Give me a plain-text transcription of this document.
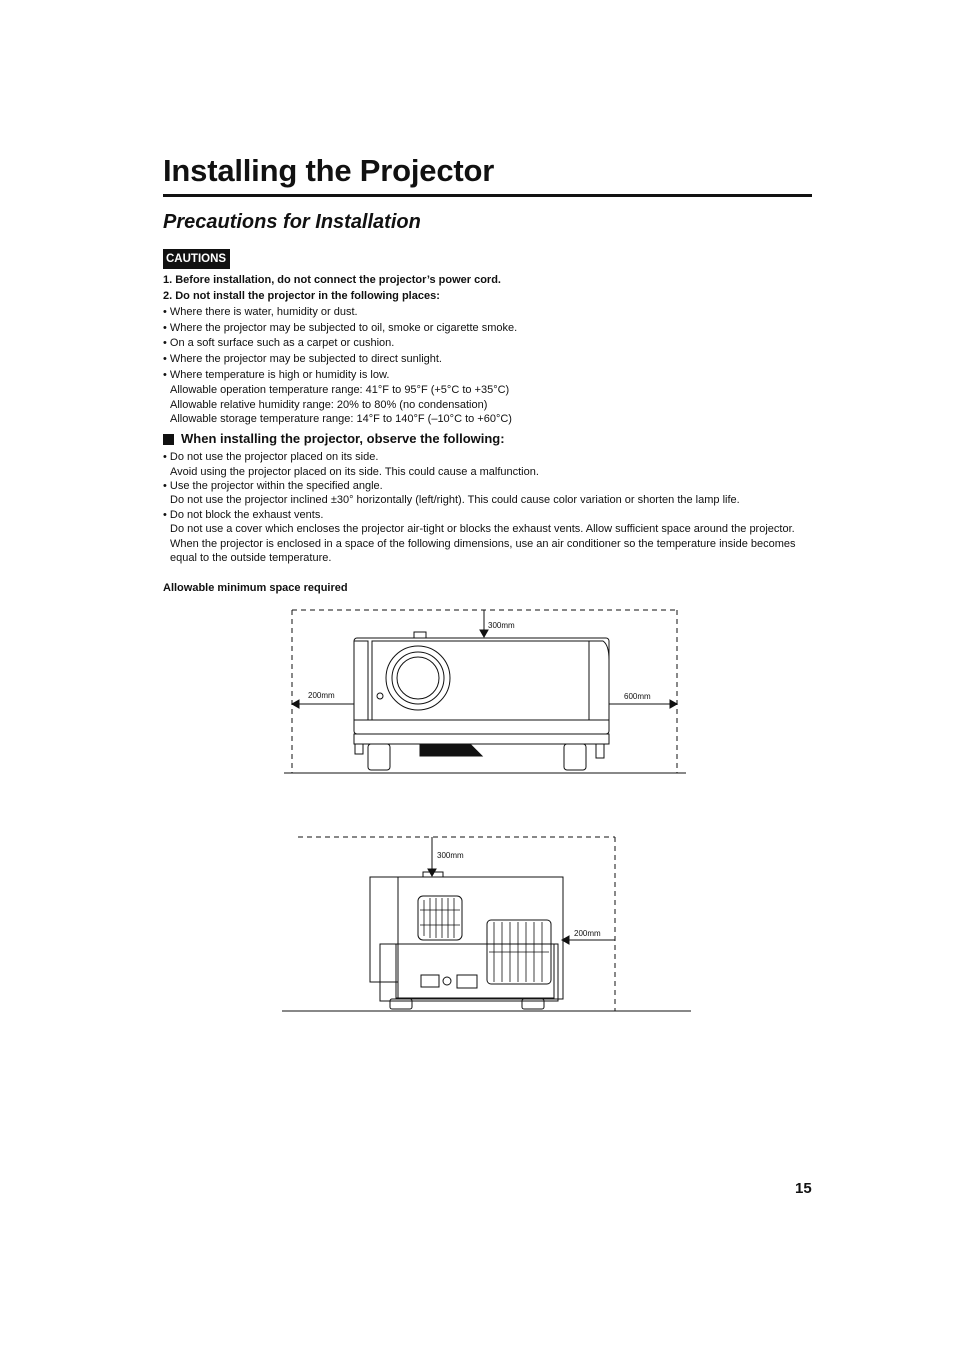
Installing the Projector
Precautions for Installation
CAUTIONS
1. Before installation, do not connect the projector’s power cord.
2. Do not install the projector in the following places:
• Where there is water, humidity or dust.
• Where the projector may be subjected to oil, smoke or cigarette smoke.
• On a soft surface such as a carpet or cushion.
• Where the projector may be subjected to direct sunlight.
• Where temperature is high or humidity is low.
Allowable operation temperature range: 41°F to 95°F (+5°C to +35°C)
Allowable relative humidity range: 20% to 80% (no condensation)
Allowable storage temperature range: 14°F to 140°F (–10°C to +60°C)
When installing the projector, observe the following:
• Do not use the projector placed on its side.
Avoid using the projector placed on its side. This could cause a malfunction.
• Use the projector within the specified angle.
Do not use the projector inclined ±30° horizontally (left/right). This could cause color variation or shorten the lamp life.
• Do not block the exhaust vents.
Do not use a cover which encloses the projector air-tight or blocks the exhaust vents. Allow sufficient space around the projector. When the projector is enclosed in a space of the following dimensions, use an air conditioner so the temperature inside becomes equal to the outside temperature.
Allowable minimum space required
300mm
200mm	600mm
300mm
200mm
15
